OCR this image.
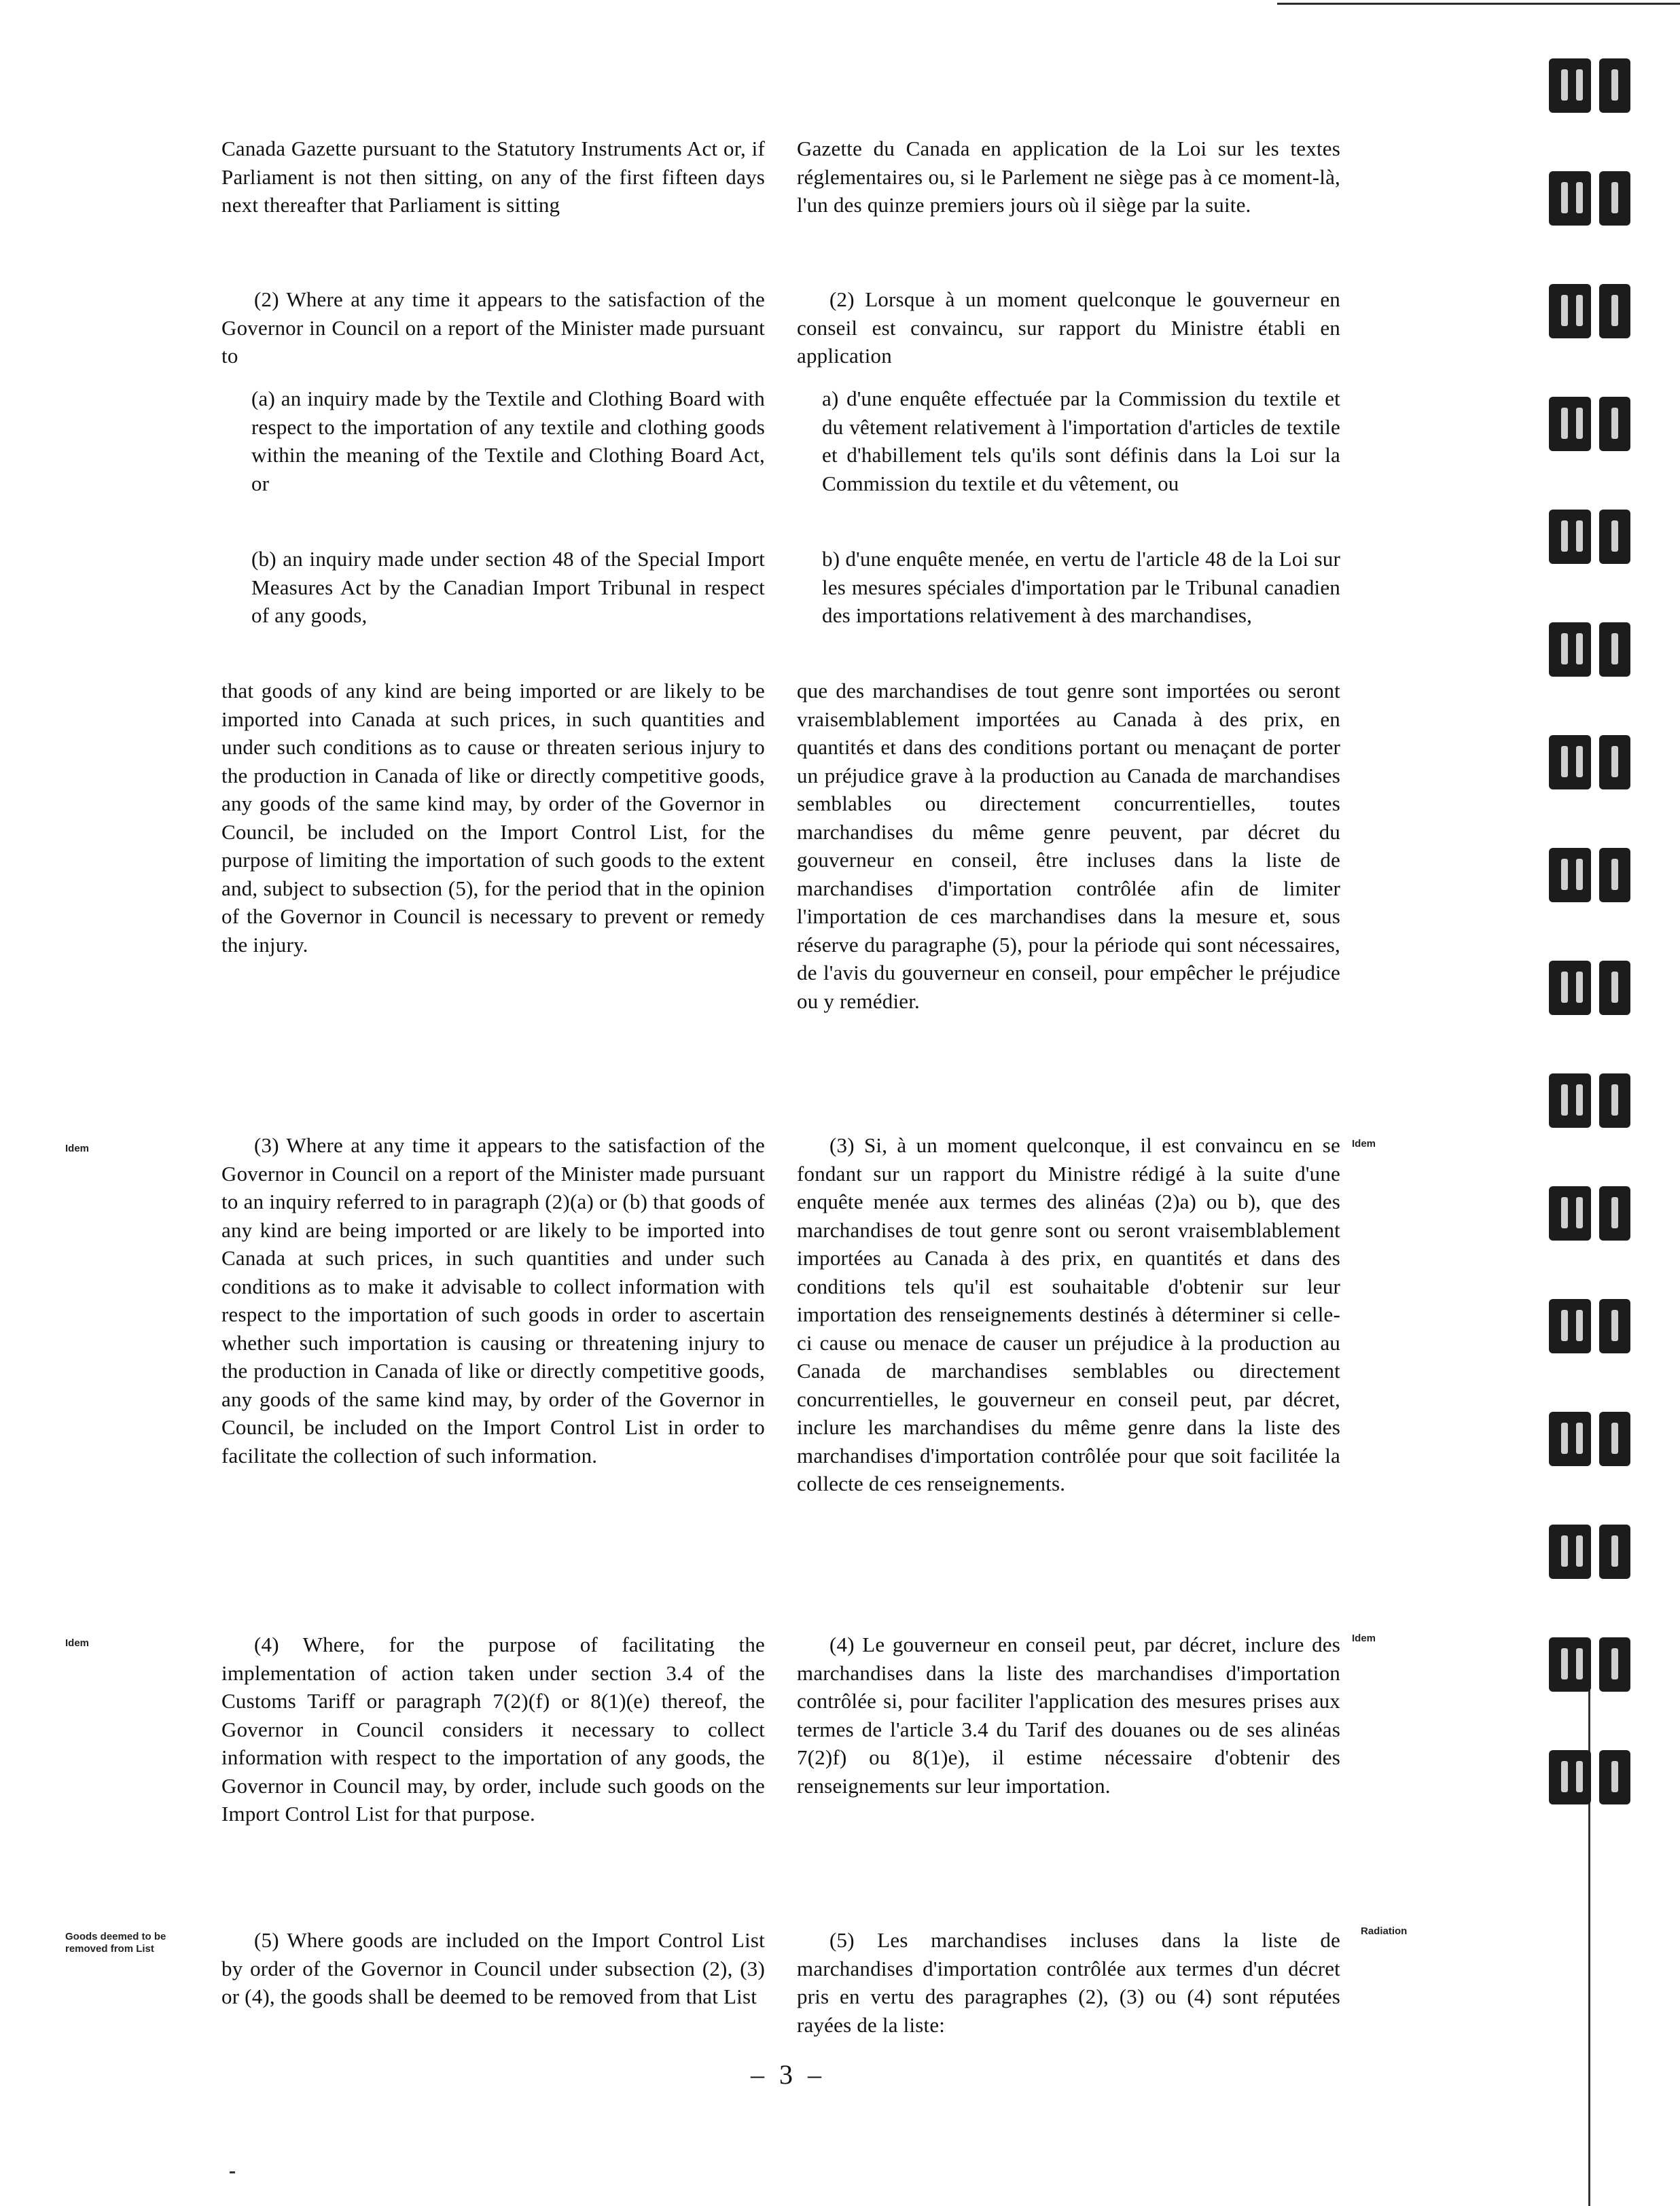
Canada Gazette pursuant to the Statutory Instruments Act or, if Parliament is not then sitting, on any of the first fifteen days next thereafter that Parliament is sitting

(2) Where at any time it appears to the satisfaction of the Governor in Council on a report of the Minister made pursuant to

(a) an inquiry made by the Textile and Clothing Board with respect to the importation of any textile and clothing goods within the meaning of the Textile and Clothing Board Act, or

(b) an inquiry made under section 48 of the Special Import Measures Act by the Canadian Import Tribunal in respect of any goods,

that goods of any kind are being imported or are likely to be imported into Canada at such prices, in such quantities and under such conditions as to cause or threaten serious injury to the production in Canada of like or directly competitive goods, any goods of the same kind may, by order of the Governor in Council, be included on the Import Control List, for the purpose of limiting the importation of such goods to the extent and, subject to subsection (5), for the period that in the opinion of the Governor in Council is necessary to prevent or remedy the injury.

(3) Where at any time it appears to the satisfaction of the Governor in Council on a report of the Minister made pursuant to an inquiry referred to in paragraph (2)(a) or (b) that goods of any kind are being imported or are likely to be imported into Canada at such prices, in such quantities and under such conditions as to make it advisable to collect information with respect to the importation of such goods in order to ascertain whether such importation is causing or threatening injury to the production in Canada of like or directly competitive goods, any goods of the same kind may, by order of the Governor in Council, be included on the Import Control List in order to facilitate the collection of such information.

(4) Where, for the purpose of facilitating the implementation of action taken under section 3.4 of the Customs Tariff or paragraph 7(2)(f) or 8(1)(e) thereof, the Governor in Council considers it necessary to collect information with respect to the importation of any goods, the Governor in Council may, by order, include such goods on the Import Control List for that purpose.

(5) Where goods are included on the Import Control List by order of the Governor in Council under subsection (2), (3) or (4), the goods shall be deemed to be removed from that List

Gazette du Canada en application de la Loi sur les textes réglementaires ou, si le Parlement ne siège pas à ce moment-là, l'un des quinze premiers jours où il siège par la suite.

(2) Lorsque à un moment quelconque le gouverneur en conseil est convaincu, sur rapport du Ministre établi en application

a) d'une enquête effectuée par la Commission du textile et du vêtement relativement à l'importation d'articles de textile et d'habillement tels qu'ils sont définis dans la Loi sur la Commission du textile et du vêtement, ou

b) d'une enquête menée, en vertu de l'article 48 de la Loi sur les mesures spéciales d'importation par le Tribunal canadien des importations relativement à des marchandises,

que des marchandises de tout genre sont importées ou seront vraisemblablement importées au Canada à des prix, en quantités et dans des conditions portant ou menaçant de porter un préjudice grave à la production au Canada de marchandises semblables ou directement concurrentielles, toutes marchandises du même genre peuvent, par décret du gouverneur en conseil, être incluses dans la liste de marchandises d'importation contrôlée afin de limiter l'importation de ces marchandises dans la mesure et, sous réserve du paragraphe (5), pour la période qui sont nécessaires, de l'avis du gouverneur en conseil, pour empêcher le préjudice ou y remédier.

(3) Si, à un moment quelconque, il est convaincu en se fondant sur un rapport du Ministre rédigé à la suite d'une enquête menée aux termes des alinéas (2)a) ou b), que des marchandises de tout genre sont ou seront vraisemblablement importées au Canada à des prix, en quantités et dans des conditions tels qu'il est souhaitable d'obtenir sur leur importation des renseignements destinés à déterminer si celle-ci cause ou menace de causer un préjudice à la production au Canada de marchandises semblables ou directement concurrentielles, le gouverneur en conseil peut, par décret, inclure les marchandises du même genre dans la liste des marchandises d'importation contrôlée pour que soit facilitée la collecte de ces renseignements.

(4) Le gouverneur en conseil peut, par décret, inclure des marchandises dans la liste des marchandises d'importation contrôlée si, pour faciliter l'application des mesures prises aux termes de l'article 3.4 du Tarif des douanes ou de ses alinéas 7(2)f) ou 8(1)e), il estime nécessaire d'obtenir des renseignements sur leur importation.

(5) Les marchandises incluses dans la liste de marchandises d'importation contrôlée aux termes d'un décret pris en vertu des paragraphes (2), (3) ou (4) sont réputées rayées de la liste:

Idem
Idem
Goods deemed to be removed from List
Idem
Idem
Radiation
– 3 –
